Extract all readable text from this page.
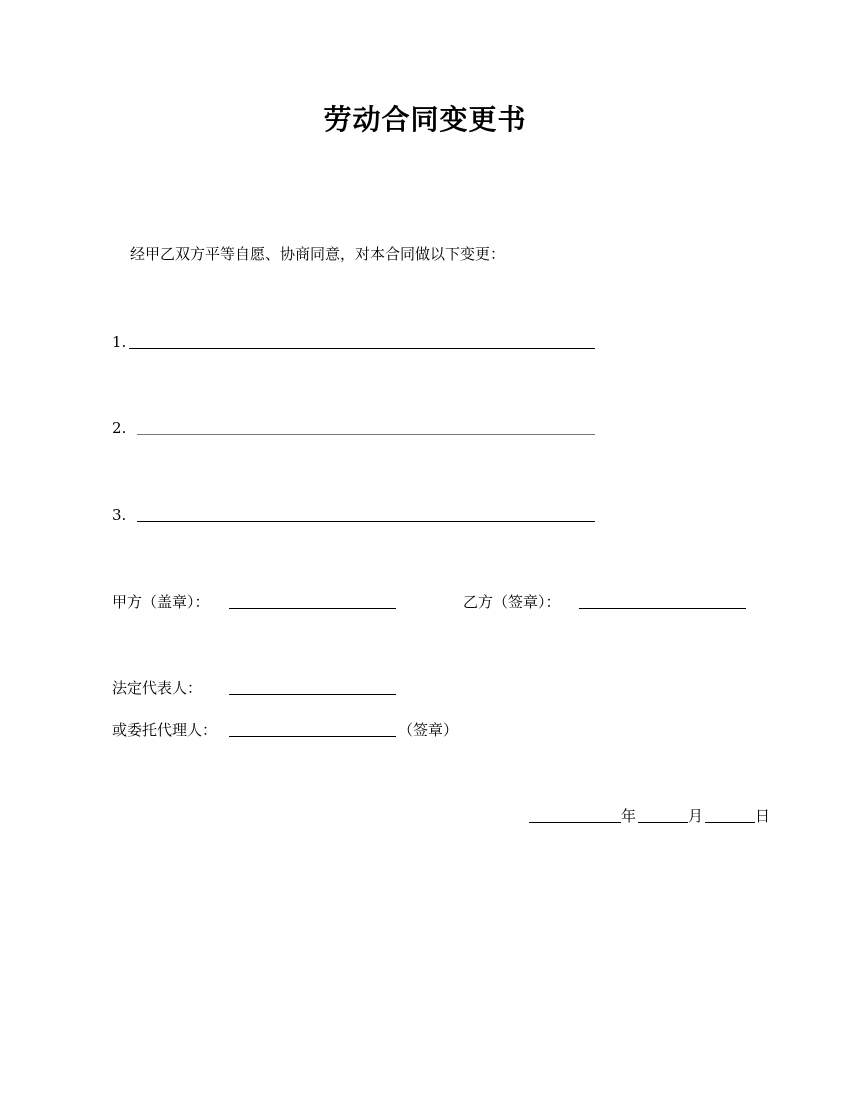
劳动合同变更书
经甲乙双方平等自愿、协商同意，对本合同做以下变更：
1.
2.
3.
甲方（盖章）：	乙方（签章）：
法定代表人：
或委托代理人：	（签章）
年	月	日
